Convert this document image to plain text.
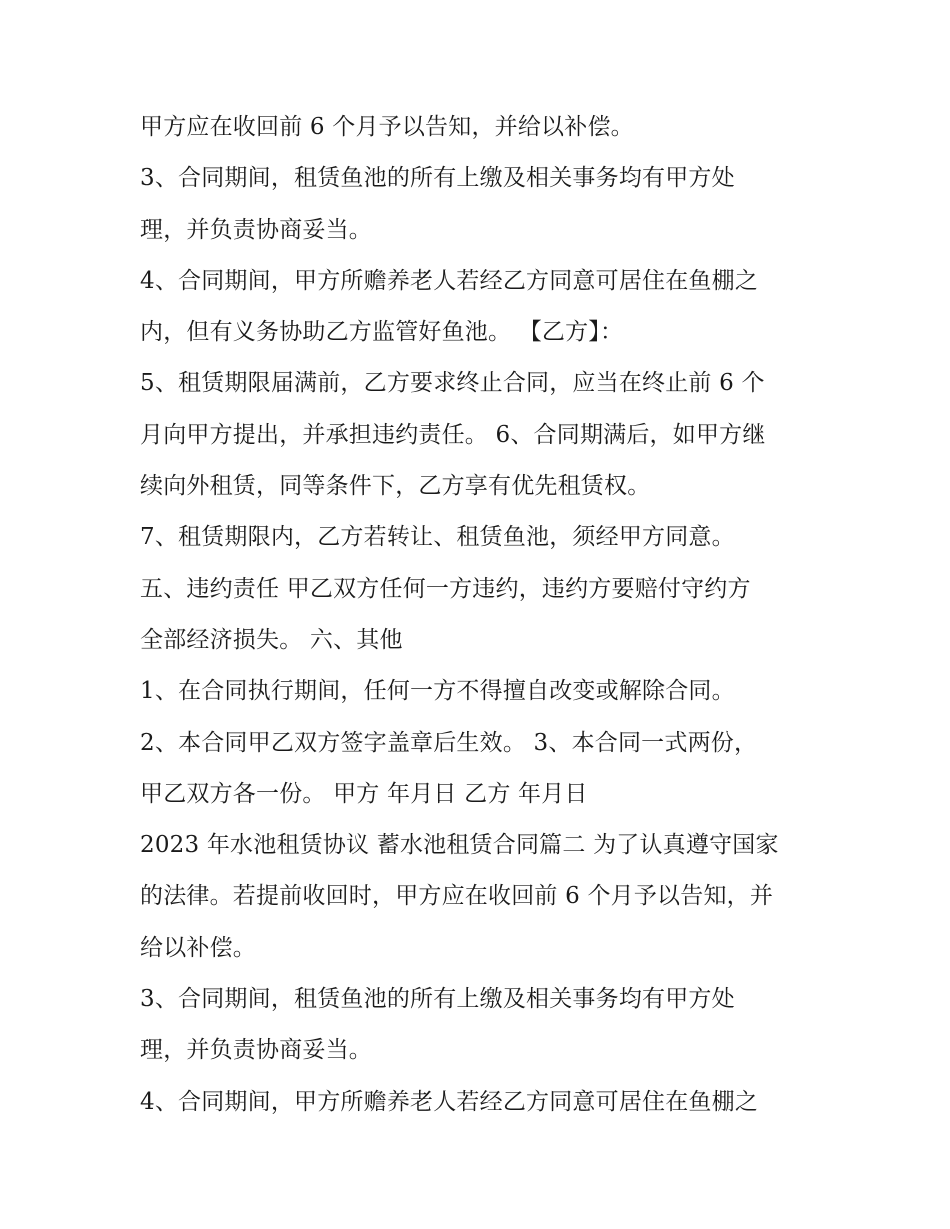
甲方应在收回前 6 个月予以告知，并给以补偿。
3、合同期间，租赁鱼池的所有上缴及相关事务均有甲方处
理，并负责协商妥当。
4、合同期间，甲方所赡养老人若经乙方同意可居住在鱼棚之
内，但有义务协助乙方监管好鱼池。 【乙方】：
5、租赁期限届满前，乙方要求终止合同，应当在终止前 6 个
月向甲方提出，并承担违约责任。 6、合同期满后，如甲方继
续向外租赁，同等条件下，乙方享有优先租赁权。
7、租赁期限内，乙方若转让、租赁鱼池，须经甲方同意。
五、违约责任 甲乙双方任何一方违约，违约方要赔付守约方
全部经济损失。 六、其他
1、在合同执行期间，任何一方不得擅自改变或解除合同。
2、本合同甲乙双方签字盖章后生效。 3、本合同一式两份，
甲乙双方各一份。 甲方 年月日 乙方 年月日
2023 年水池租赁协议 蓄水池租赁合同篇二 为了认真遵守国家
的法律。若提前收回时，甲方应在收回前 6 个月予以告知，并
给以补偿。
3、合同期间，租赁鱼池的所有上缴及相关事务均有甲方处
理，并负责协商妥当。
4、合同期间，甲方所赡养老人若经乙方同意可居住在鱼棚之
